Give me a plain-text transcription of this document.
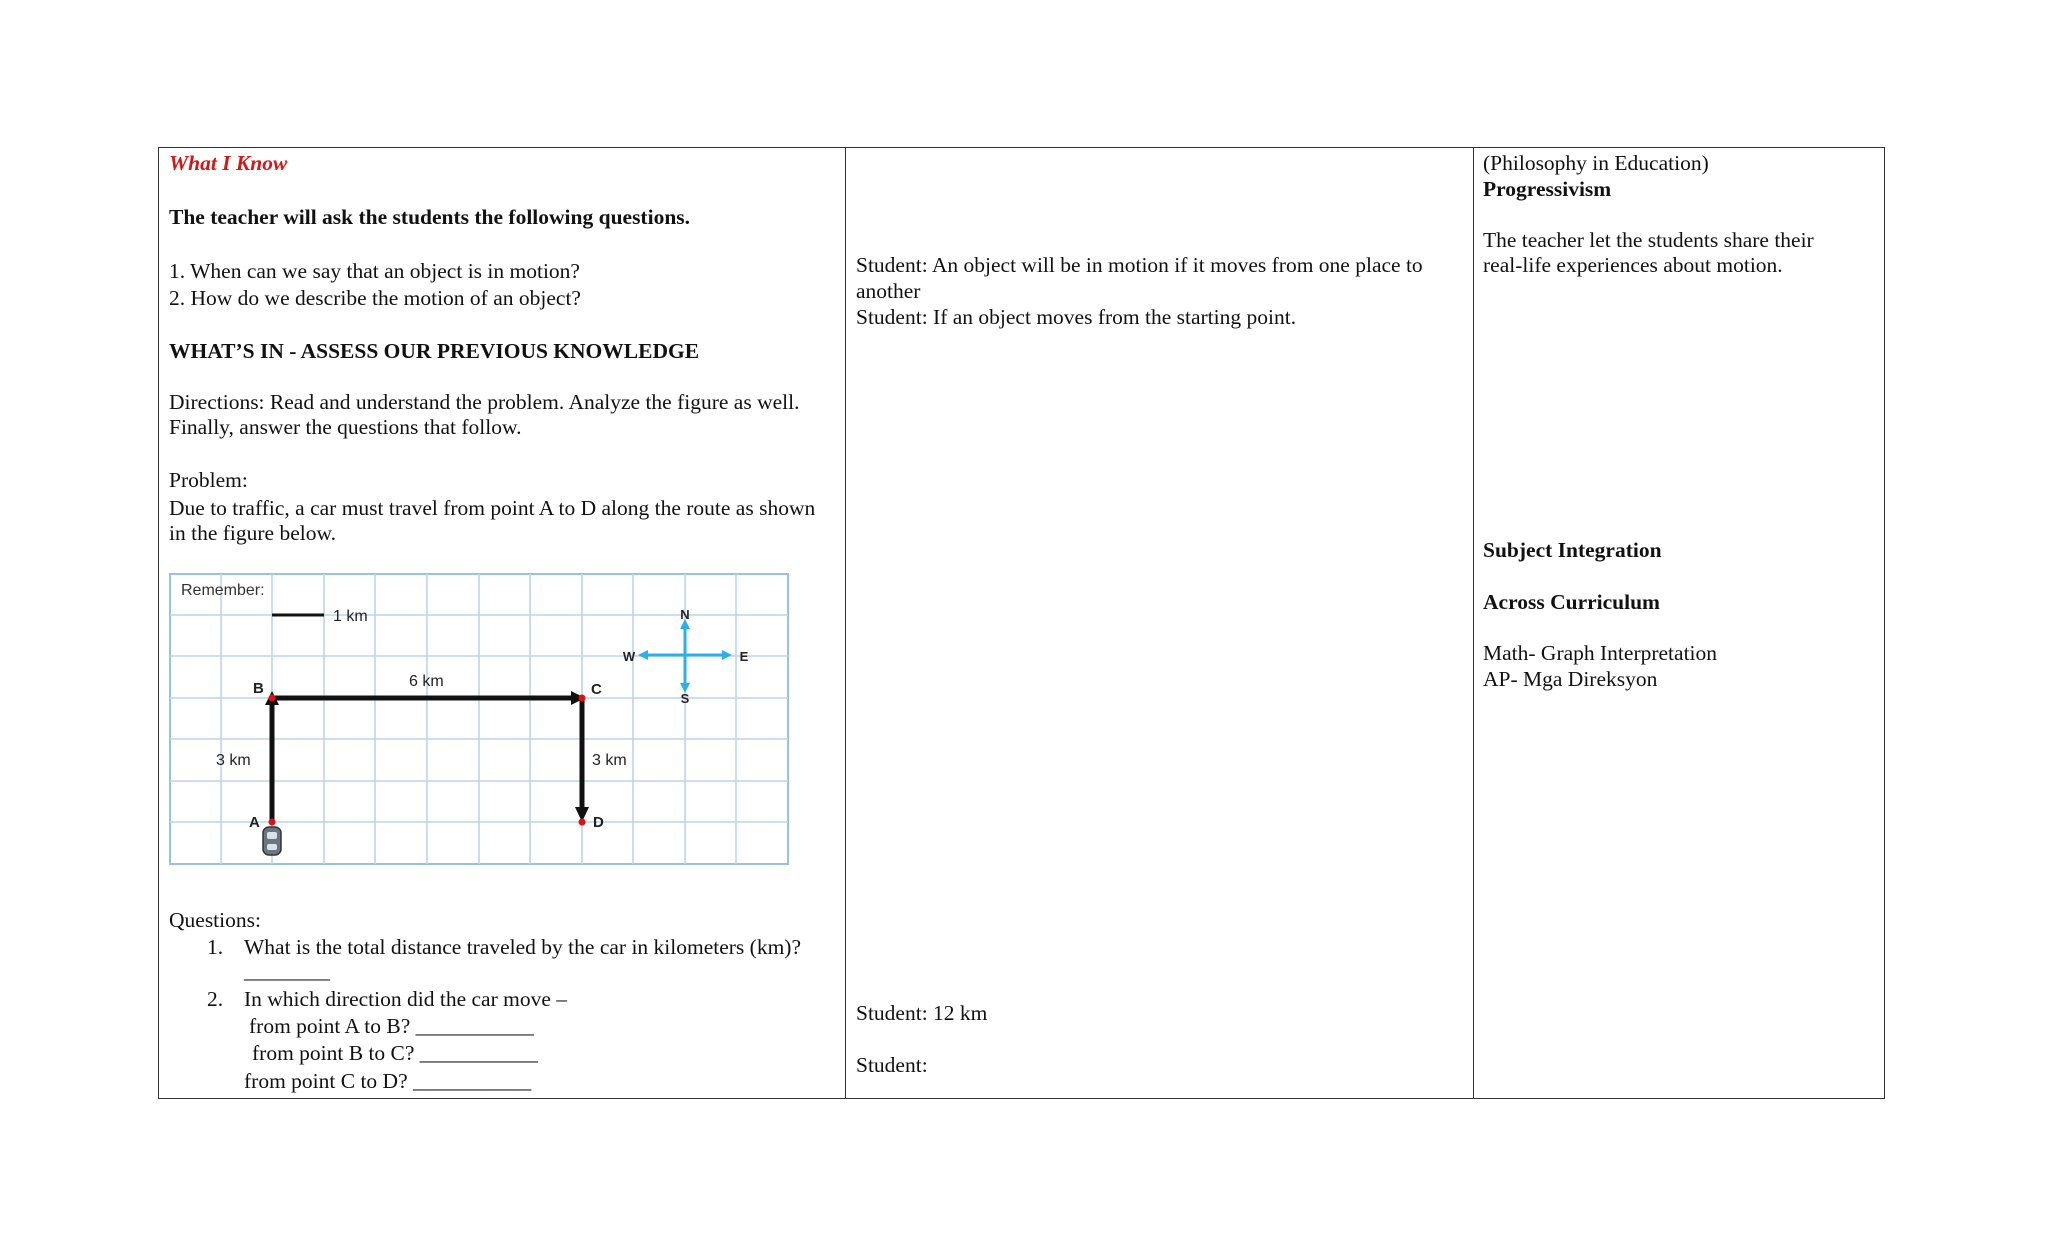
What I Know
The teacher will ask the students the following questions.
1. When can we say that an object is in motion?
2. How do we describe the motion of an object?
WHAT’S IN - ASSESS OUR PREVIOUS KNOWLEDGE
Directions: Read and understand the problem. Analyze the figure as well.
Finally, answer the questions that follow.
Problem:
Due to traffic, a car must travel from point A to D along the route as shown
in the figure below.
Remember:
1 km	N
S
E
W
B	C
A	D
6 km
3 km	3 km
Questions:
1. What is the total distance traveled by the car in kilometers (km)?
________
2. In which direction did the car move –
from point A to B? ___________
from point B to C? ___________
from point C to D? ___________
Student: An object will be in motion if it moves from one place to
another
Student: If an object moves from the starting point.
Student: 12 km
Student:
(Philosophy in Education)
Progressivism
The teacher let the students share their
real-life experiences about motion.
Subject Integration
Across Curriculum
Math- Graph Interpretation
AP- Mga Direksyon
